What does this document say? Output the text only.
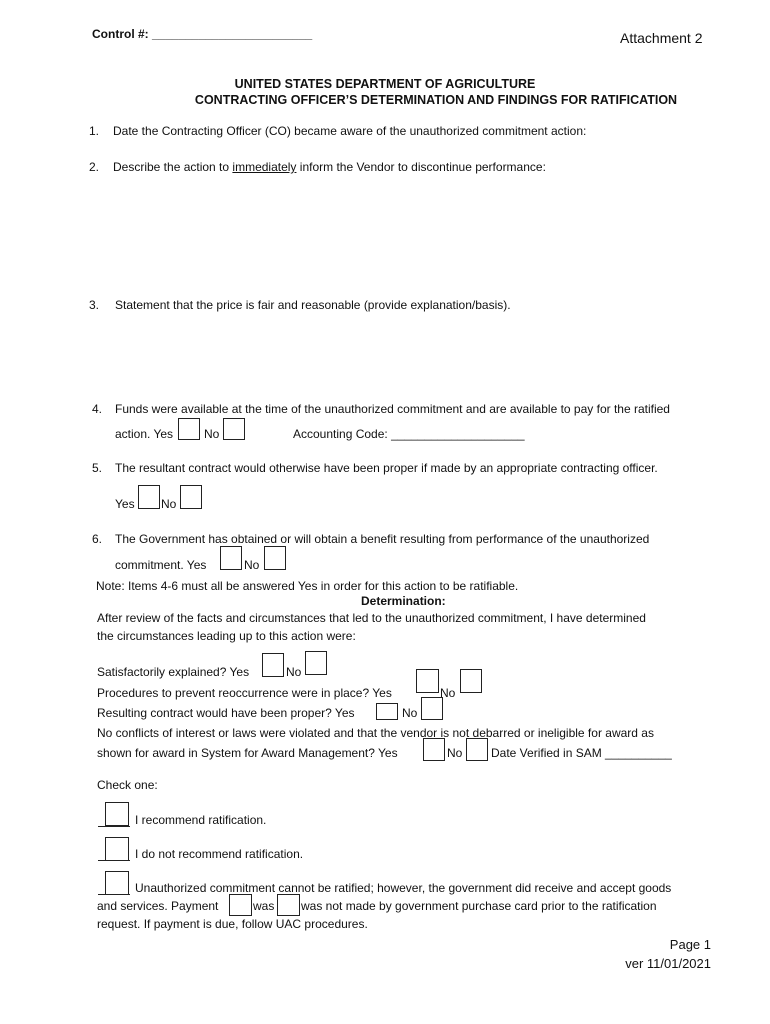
Control #: ________________________	Attachment 2
UNITED STATES DEPARTMENT OF AGRICULTURE
CONTRACTING OFFICER’S DETERMINATION AND FINDINGS FOR RATIFICATION
1. Date the Contracting Officer (CO) became aware of the unauthorized commitment action:
2. Describe the action to immediately inform the Vendor to discontinue performance:
3. Statement that the price is fair and reasonable (provide explanation/basis).
4. Funds were available at the time of the unauthorized commitment and are available to pay for the ratified
action. Yes	No	Accounting Code: ____________________
5. The resultant contract would otherwise have been proper if made by an appropriate contracting officer.
Yes No
6. The Government has obtained or will obtain a benefit resulting from performance of the unauthorized
commitment. Yes	No
Note: Items 4-6 must all be answered Yes in order for this action to be ratifiable.
Determination:
After review of the facts and circumstances that led to the unauthorized commitment, I have determined
the circumstances leading up to this action were:
Satisfactorily explained? Yes	No
Procedures to prevent reoccurrence were in place? Yes	No
Resulting contract would have been proper? Yes	No
No conflicts of interest or laws were violated and that the vendor is not debarred or ineligible for award as
shown for award in System for Award Management? Yes	No Date Verified in SAM __________
Check one:
I recommend ratification.
I do not recommend ratification.
Unauthorized commitment cannot be ratified; however, the government did receive and accept goods
and services. Payment	was was not made by government purchase card prior to the ratification
request. If payment is due, follow UAC procedures.
Page 1
ver 11/01/2021
